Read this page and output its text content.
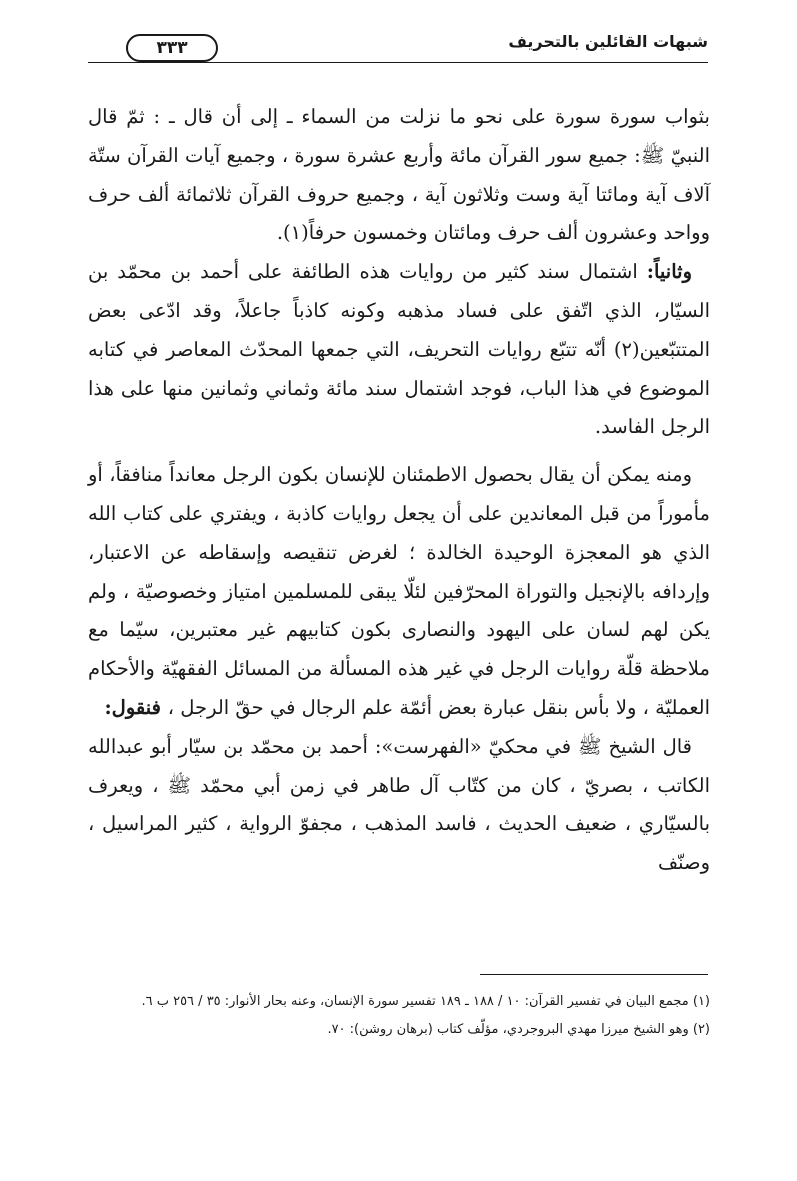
شبهات القائلين بالتحريف
٣٣٣

بثواب سورة سورة على نحو ما نزلت من السماء ـ إلى أن قال ـ : ثمّ قال النبيّ ﷺ: جميع سور القرآن مائة وأربع عشرة سورة ، وجميع آيات القرآن ستّة آلاف آية ومائتا آية وست وثلاثون آية ، وجميع حروف القرآن ثلاثمائة ألف حرف وواحد وعشرون ألف حرف ومائتان وخمسون حرفاً(١).

وثانياً: اشتمال سند كثير من روايات هذه الطائفة على أحمد بن محمّد بن السيّار، الذي اتّفق على فساد مذهبه وكونه كاذباً جاعلاً، وقد ادّعى بعض المتتبّعين(٢) أنّه تتبّع روايات التحريف، التي جمعها المحدّث المعاصر في كتابه الموضوع في هذا الباب، فوجد اشتمال سند مائة وثماني وثمانين منها على هذا الرجل الفاسد.

ومنه يمكن أن يقال بحصول الاطمئنان للإنسان بكون الرجل معانداً منافقاً، أو مأموراً من قبل المعاندين على أن يجعل روايات كاذبة ، ويفتري على كتاب الله الذي هو المعجزة الوحيدة الخالدة ؛ لغرض تنقيصه وإسقاطه عن الاعتبار، وإردافه بالإنجيل والتوراة المحرّفين لئلّا يبقى للمسلمين امتياز وخصوصيّة ، ولم يكن لهم لسان على اليهود والنصارى بكون كتابيهم غير معتبرين، سيّما مع ملاحظة قلّة روايات الرجل في غير هذه المسألة من المسائل الفقهيّة والأحكام العمليّة ، ولا بأس بنقل عبارة بعض أئمّة علم الرجال في حقّ الرجل ، فنقول:

قال الشيخ ﷺ في محكيّ «الفهرست»: أحمد بن محمّد بن سيّار أبو عبدالله الكاتب ، بصريّ ، كان من كتّاب آل طاهر في زمن أبي محمّد ﷺ ، ويعرف بالسيّاري ، ضعيف الحديث ، فاسد المذهب ، مجفوّ الرواية ، كثير المراسيل ، وصنّف

(١) مجمع البيان في تفسير القرآن: ١٠ / ١٨٨ ـ ١٨٩ تفسير سورة الإنسان، وعنه بحار الأنوار: ٣٥ / ٢٥٦ ب ٦.

(٢) وهو الشيخ ميرزا مهدي البروجردي، مؤلّف كتاب (برهان روشن): ٧٠.
